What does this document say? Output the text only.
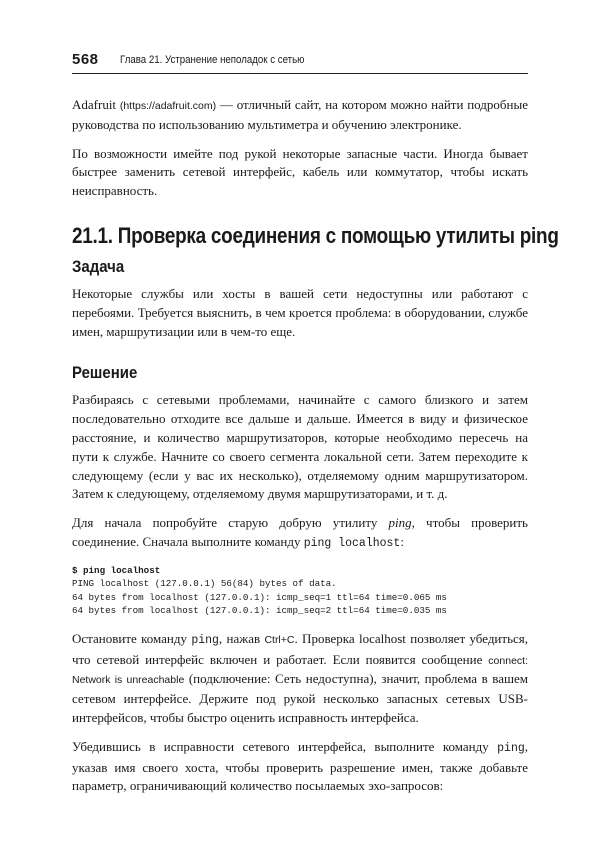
568 Глава 21. Устранение неполадок с сетью

Adafruit (https://adafruit.com) — отличный сайт, на котором можно найти подробные руководства по использованию мультиметра и обучению электронике.

По возможности имейте под рукой некоторые запасные части. Иногда бывает быстрее заменить сетевой интерфейс, кабель или коммутатор, чтобы искать неисправность.

21.1. Проверка соединения с помощью утилиты ping
Задача

Некоторые службы или хосты в вашей сети недоступны или работают с перебоями. Требуется выяснить, в чем кроется проблема: в оборудовании, службе имен, маршрутизации или в чем-то еще.

Решение

Разбираясь с сетевыми проблемами, начинайте с самого близкого и затем последовательно отходите все дальше и дальше. Имеется в виду и физическое расстояние, и количество маршрутизаторов, которые необходимо пересечь на пути к службе. Начните со своего сегмента локальной сети. Затем переходите к следующему (если у вас их несколько), отделяемому одним маршрутизатором. Затем к следующему, отделяемому двумя маршрутизаторами, и т. д.

Для начала попробуйте старую добрую утилиту ping, чтобы проверить соединение. Сначала выполните команду ping localhost:

$ ping localhost
PING localhost (127.0.0.1) 56(84) bytes of data.
64 bytes from localhost (127.0.0.1): icmp_seq=1 ttl=64 time=0.065 ms
64 bytes from localhost (127.0.0.1): icmp_seq=2 ttl=64 time=0.035 ms

Остановите команду ping, нажав Ctrl+C. Проверка localhost позволяет убедиться, что сетевой интерфейс включен и работает. Если появится сообщение connect: Network is unreachable (подключение: Сеть недоступна), значит, проблема в вашем сетевом интерфейсе. Держите под рукой несколько запасных сетевых USB-интерфейсов, чтобы быстро оценить исправность интерфейса.

Убедившись в исправности сетевого интерфейса, выполните команду ping, указав имя своего хоста, чтобы проверить разрешение имен, также добавьте параметр, ограничивающий количество посылаемых эхо-запросов:
